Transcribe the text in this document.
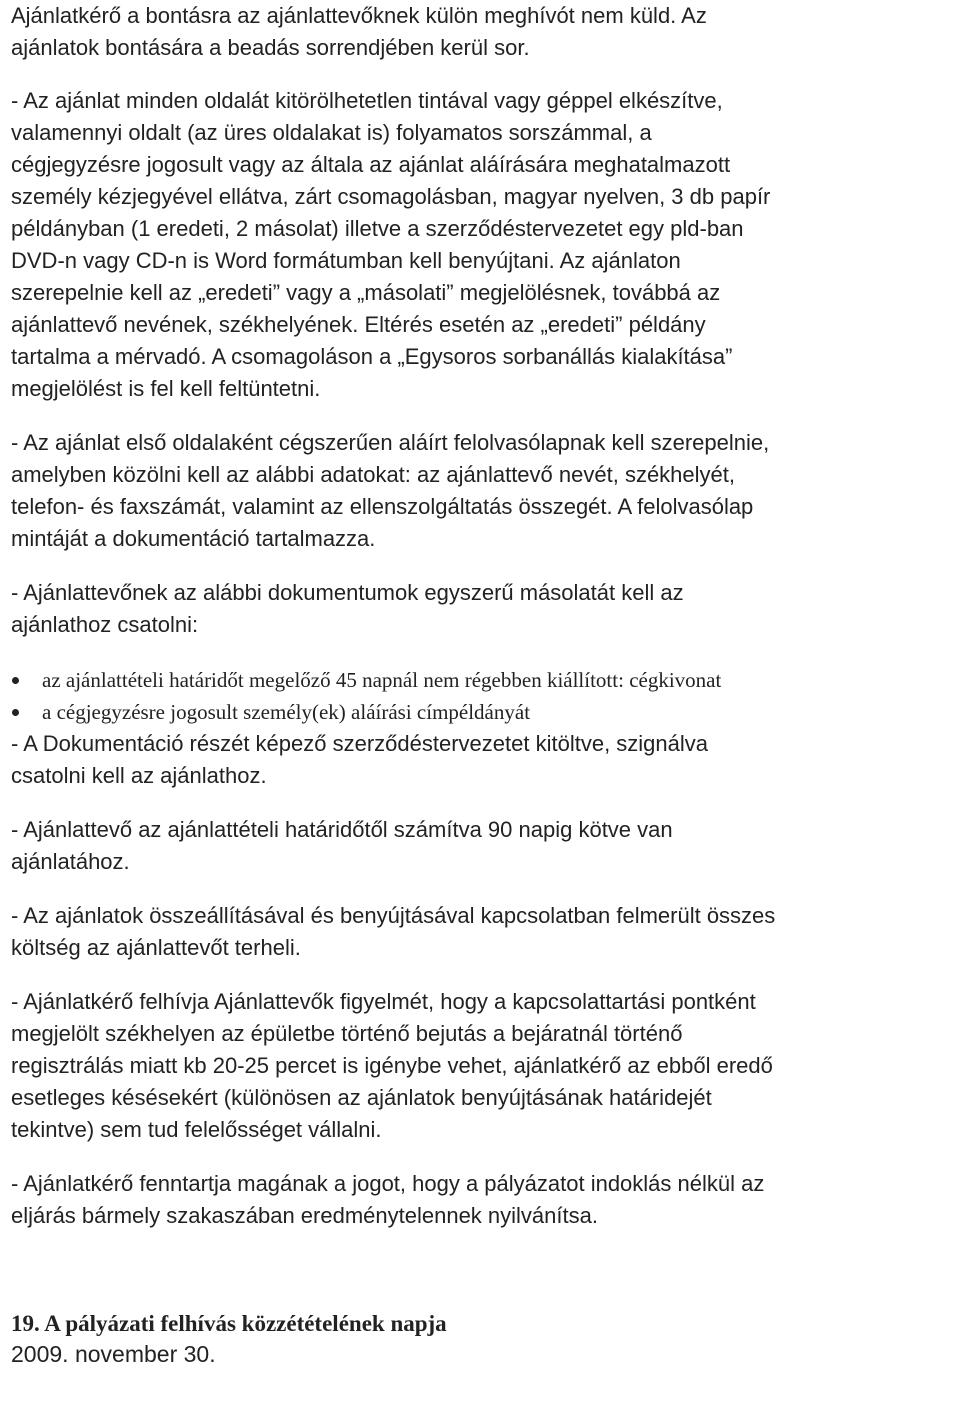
Ajánlatkérő a bontásra az ajánlattevőknek külön meghívót nem küld. Az
ajánlatok bontására a beadás sorrendjében kerül sor.

- Az ajánlat minden oldalát kitörölhetetlen tintával vagy géppel elkészítve,
valamennyi oldalt (az üres oldalakat is) folyamatos sorszámmal, a
cégjegyzésre jogosult vagy az általa az ajánlat aláírására meghatalmazott
személy kézjegyével ellátva, zárt csomagolásban, magyar nyelven, 3 db papír
példányban (1 eredeti, 2 másolat) illetve a szerződéstervezetet egy pld-ban
DVD-n vagy CD-n is Word formátumban kell benyújtani. Az ajánlaton
szerepelnie kell az „eredeti” vagy a „másolati” megjelölésnek, továbbá az
ajánlattevő nevének, székhelyének. Eltérés esetén az „eredeti” példány
tartalma a mérvadó. A csomagoláson a „Egysoros sorbanállás kialakítása”
megjelölést is fel kell feltüntetni.

- Az ajánlat első oldalaként cégszerűen aláírt felolvasólapnak kell szerepelnie,
amelyben közölni kell az alábbi adatokat: az ajánlattevő nevét, székhelyét,
telefon- és faxszámát, valamint az ellenszolgáltatás összegét. A felolvasólap
mintáját a dokumentáció tartalmazza.

- Ajánlattevőnek az alábbi dokumentumok egyszerű másolatát kell az
ajánlathoz csatolni:

az ajánlattételi határidőt megelőző 45 napnál nem régebben kiállított: cégkivonat
a cégjegyzésre jogosult személy(ek) aláírási címpéldányát

- A Dokumentáció részét képező szerződéstervezetet kitöltve, szignálva
csatolni kell az ajánlathoz.

- Ajánlattevő az ajánlattételi határidőtől számítva 90 napig kötve van
ajánlatához.

- Az ajánlatok összeállításával és benyújtásával kapcsolatban felmerült összes
költség az ajánlattevőt terheli.

- Ajánlatkérő felhívja Ajánlattevők figyelmét, hogy a kapcsolattartási pontként
megjelölt székhelyen az épületbe történő bejutás a bejáratnál történő
regisztrálás miatt kb 20-25 percet is igénybe vehet, ajánlatkérő az ebből eredő
esetleges késésekért (különösen az ajánlatok benyújtásának határidejét
tekintve) sem tud felelősséget vállalni.

- Ajánlatkérő fenntartja magának a jogot, hogy a pályázatot indoklás nélkül az
eljárás bármely szakaszában eredménytelennek nyilvánítsa.

19. A pályázati felhívás közzétételének napja

2009. november 30.
